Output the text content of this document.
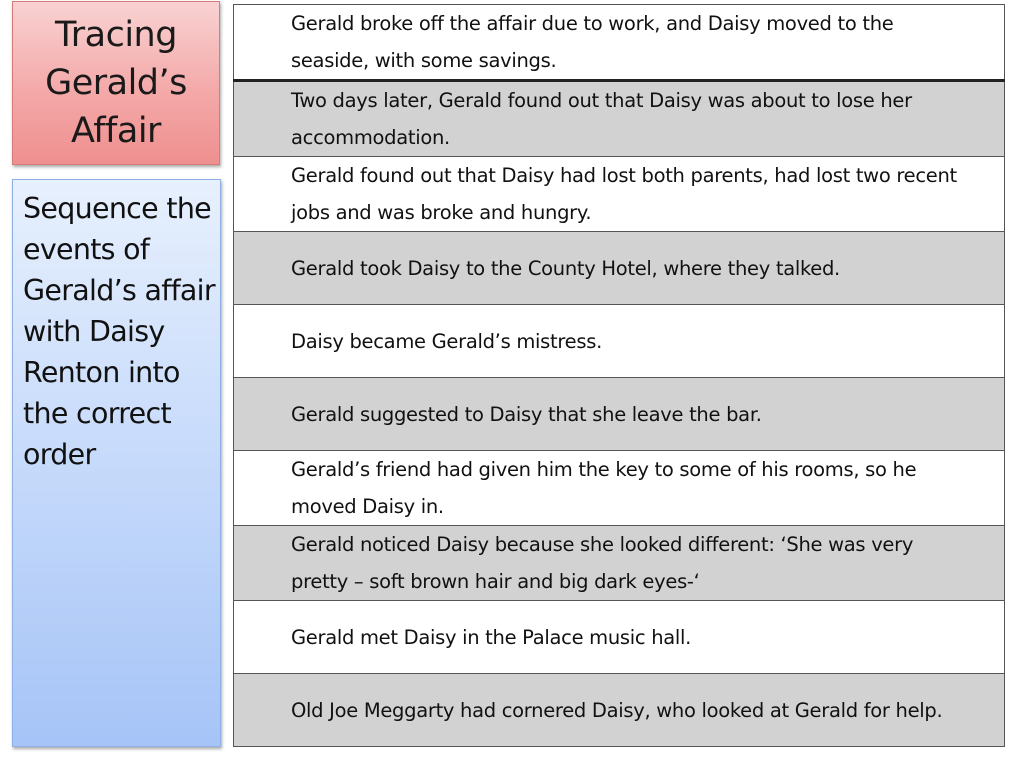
Tracing
Gerald’s
Affair
Sequence the events of Gerald’s affair with Daisy Renton into the correct order
Gerald broke off the affair due to work, and Daisy moved to the seaside, with some savings.
Two days later, Gerald found out that Daisy was about to lose her accommodation.
Gerald found out that Daisy had lost both parents, had lost two recent jobs and was broke and hungry.
Gerald took Daisy to the County Hotel, where they talked.
Daisy became Gerald’s mistress.
Gerald suggested to Daisy that she leave the bar.
Gerald’s friend had given him the key to some of his rooms, so he moved Daisy in.
Gerald noticed Daisy because she looked different: ‘She was very pretty – soft brown hair and big dark eyes-‘
Gerald met Daisy in the Palace music hall.
Old Joe Meggarty had cornered Daisy, who looked at Gerald for help.
